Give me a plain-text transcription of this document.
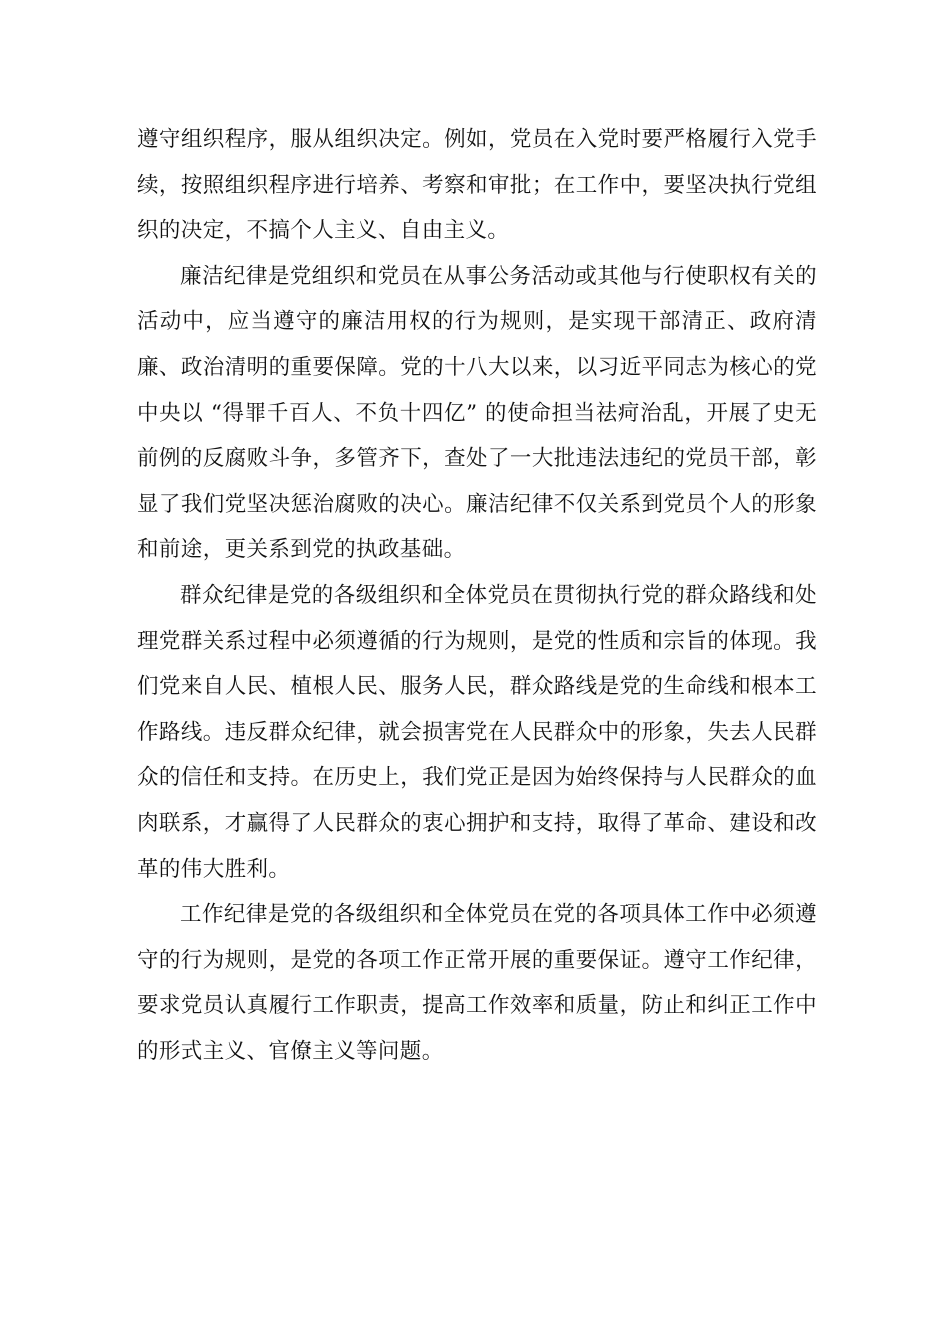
遵守组织程序，服从组织决定。例如，党员在入党时要严格履行入党手续，按照组织程序进行培养、考察和审批；在工作中，要坚决执行党组织的决定，不搞个人主义、自由主义。

廉洁纪律是党组织和党员在从事公务活动或其他与行使职权有关的活动中，应当遵守的廉洁用权的行为规则，是实现干部清正、政府清廉、政治清明的重要保障。党的十八大以来，以习近平同志为核心的党中央以 “得罪千百人、不负十四亿” 的使命担当祛疴治乱，开展了史无前例的反腐败斗争，多管齐下，查处了一大批违法违纪的党员干部，彰显了我们党坚决惩治腐败的决心。廉洁纪律不仅关系到党员个人的形象和前途，更关系到党的执政基础。

群众纪律是党的各级组织和全体党员在贯彻执行党的群众路线和处理党群关系过程中必须遵循的行为规则，是党的性质和宗旨的体现。我们党来自人民、植根人民、服务人民，群众路线是党的生命线和根本工作路线。违反群众纪律，就会损害党在人民群众中的形象，失去人民群众的信任和支持。在历史上，我们党正是因为始终保持与人民群众的血肉联系，才赢得了人民群众的衷心拥护和支持，取得了革命、建设和改革的伟大胜利。

工作纪律是党的各级组织和全体党员在党的各项具体工作中必须遵守的行为规则，是党的各项工作正常开展的重要保证。遵守工作纪律，要求党员认真履行工作职责，提高工作效率和质量，防止和纠正工作中的形式主义、官僚主义等问题。
